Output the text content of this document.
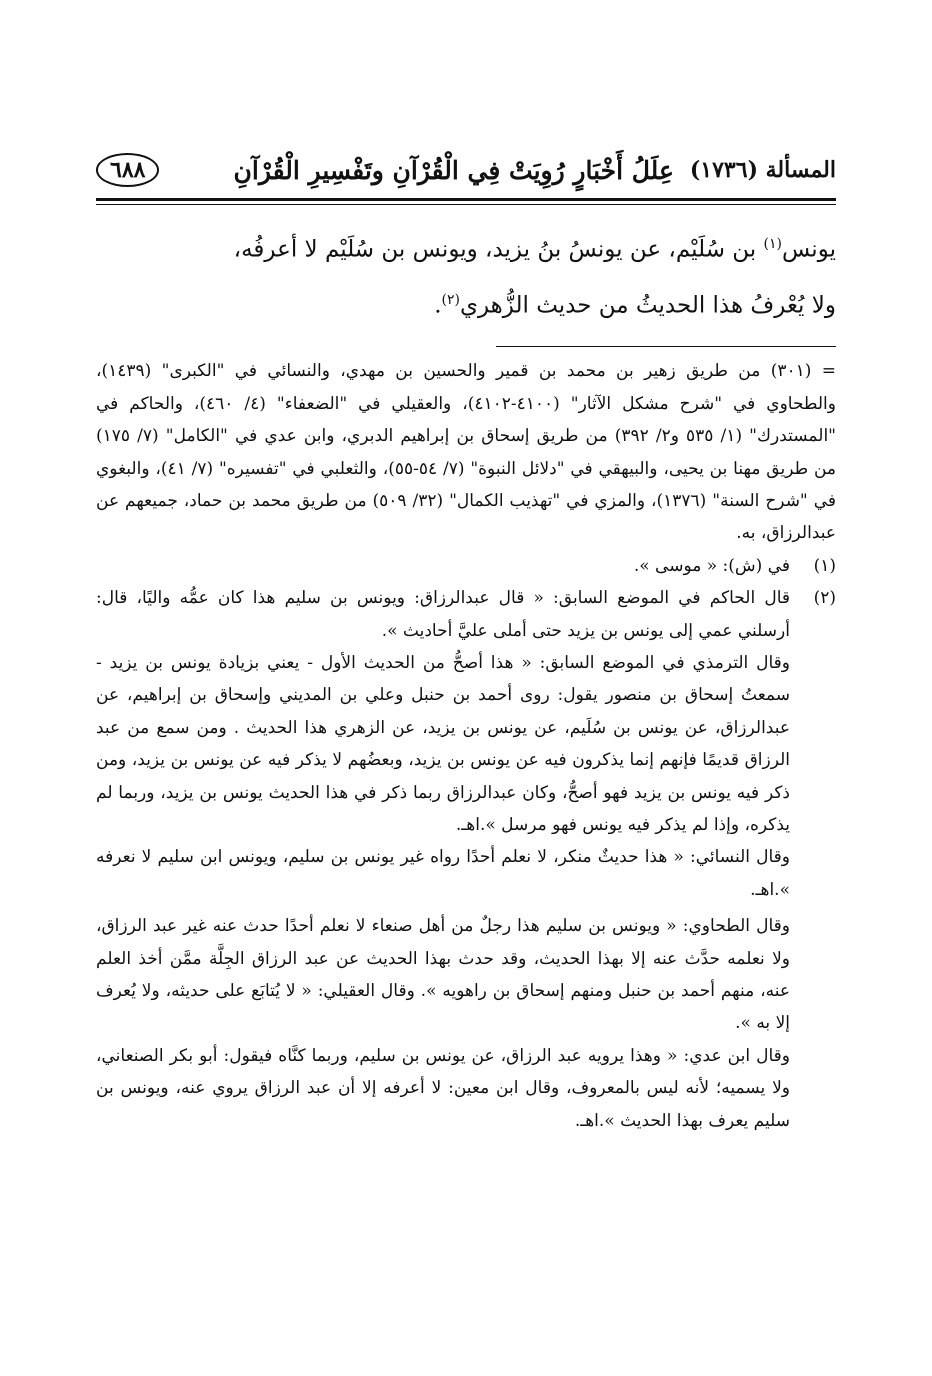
المسألة (١٧٣٦)
عِلَلُ أَخْبَارٍ رُوِيَتْ فِي الْقُرْآنِ وتَفْسِيرِ الْقُرْآنِ
٦٨٨

يونس$^{(١)}$ بن سُلَيْم، عن يونسُ بنُ يزيد، ويونس بن سُلَيْم لا أعرفُه،

ولا يُعْرفُ هذا الحديثُ من حديث الزُّهري$^{(٢)}$.

= (٣٠١) من طريق زهير بن محمد بن قمير والحسين بن مهدي، والنسائي في "الكبرى" (١٤٣٩)، والطحاوي في "شرح مشكل الآثار" (٤١٠٠-٤١٠٢)، والعقيلي في "الضعفاء" (٤/ ٤٦٠)، والحاكم في "المستدرك" (١/ ٥٣٥ و٢/ ٣٩٢) من طريق إسحاق بن إبراهيم الدبري، وابن عدي في "الكامل" (٧/ ١٧٥) من طريق مهنا بن يحيى، والبيهقي في "دلائل النبوة" (٧/ ٥٤-٥٥)، والثعلبي في "تفسيره" (٧/ ٤١)، والبغوي في "شرح السنة" (١٣٧٦)، والمزي في "تهذيب الكمال" (٣٢/ ٥٠٩) من طريق محمد بن حماد، جميعهم عن عبدالرزاق، به.

(١)
في (ش): « موسى ».
(٢)
قال الحاكم في الموضع السابق: « قال عبدالرزاق: ويونس بن سليم هذا كان عمُّه واليًا، قال: أرسلني عمي إلى يونس بن يزيد حتى أملى عليَّ أحاديث ».

وقال الترمذي في الموضع السابق: « هذا أصحُّ من الحديث الأول - يعني بزيادة يونس بن يزيد - سمعتُ إسحاق بن منصور يقول: روى أحمد بن حنبل وعلي بن المديني وإسحاق بن إبراهيم، عن عبدالرزاق، عن يونس بن سُلَيم، عن يونس بن يزيد، عن الزهري هذا الحديث . ومن سمع من عبد الرزاق قديمًا فإنهم إنما يذكرون فيه عن يونس بن يزيد، وبعضُهم لا يذكر فيه عن يونس بن يزيد، ومن ذكر فيه يونس بن يزيد فهو أصحُّ، وكان عبدالرزاق ربما ذكر في هذا الحديث يونس بن يزيد، وربما لم يذكره، وإذا لم يذكر فيه يونس فهو مرسل ».اهـ.

وقال النسائي: « هذا حديثٌ منكر، لا نعلم أحدًا رواه غير يونس بن سليم، ويونس ابن سليم لا نعرفه ».اهـ.

وقال الطحاوي: « ويونس بن سليم هذا رجلٌ من أهل صنعاء لا نعلم أحدًا حدث عنه غير عبد الرزاق، ولا نعلمه حدَّث عنه إلا بهذا الحديث، وقد حدث بهذا الحديث عن عبد الرزاق الجِلَّة ممَّن أخذ العلم عنه، منهم أحمد بن حنبل ومنهم إسحاق بن راهويه ». وقال العقيلي: « لا يُتابَع على حديثه، ولا يُعرف إلا به ».

وقال ابن عدي: « وهذا يرويه عبد الرزاق، عن يونس بن سليم، وربما كنَّاه فيقول: أبو بكر الصنعاني، ولا يسميه؛ لأنه ليس بالمعروف، وقال ابن معين: لا أعرفه إلا أن عبد الرزاق يروي عنه، ويونس بن سليم يعرف بهذا الحديث ».اهـ.
